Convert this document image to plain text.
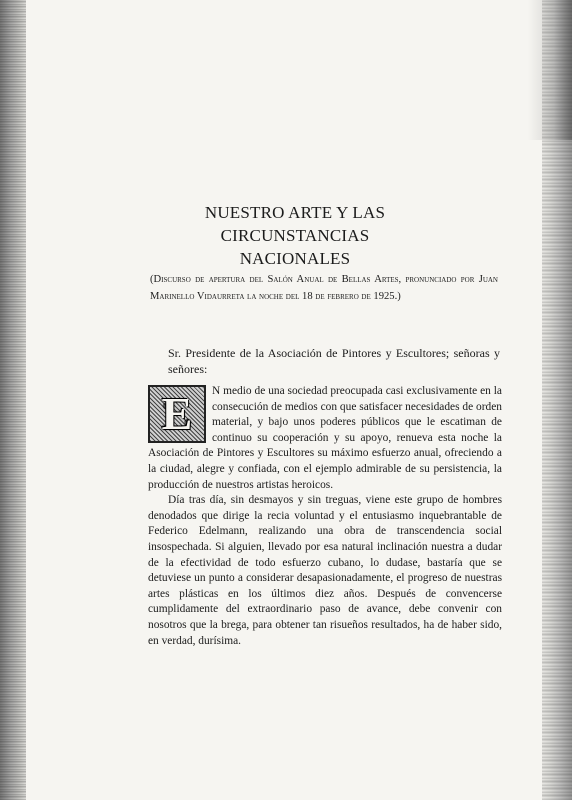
NUESTRO ARTE Y LAS CIRCUNSTANCIAS
NACIONALES

(Discurso de apertura del Salón Anual de Bellas Artes, pronunciado por Juan Marinello Vidaurreta la noche del 18 de febrero de 1925.)

Sr. Presidente de la Asociación de Pintores y Escultores; señoras y señores:

E	N medio de una sociedad preocupada casi exclusivamente en la consecución de medios con que satisfacer necesidades de orden material, y bajo unos poderes públicos que le escatiman de continuo su cooperación y su apoyo, renueva esta noche la Asociación de Pintores y Escultores su máximo esfuerzo anual, ofreciendo a la ciudad, alegre y confiada, con el ejemplo admirable de su persistencia, la producción de nuestros artistas heroicos.

Día tras día, sin desmayos y sin treguas, viene este grupo de hombres denodados que dirige la recia voluntad y el entusiasmo inquebrantable de Federico Edelmann, realizando una obra de transcendencia social insospechada. Si alguien, llevado por esa natural inclinación nuestra a dudar de la efectividad de todo esfuerzo cubano, lo dudase, bastaría que se detuviese un punto a considerar desapasionadamente, el progreso de nuestras artes plásticas en los últimos diez años. Después de convencerse cumplidamente del extraordinario paso de avance, debe convenir con nosotros que la brega, para obtener tan risueños resultados, ha de haber sido, en verdad, durísima.
